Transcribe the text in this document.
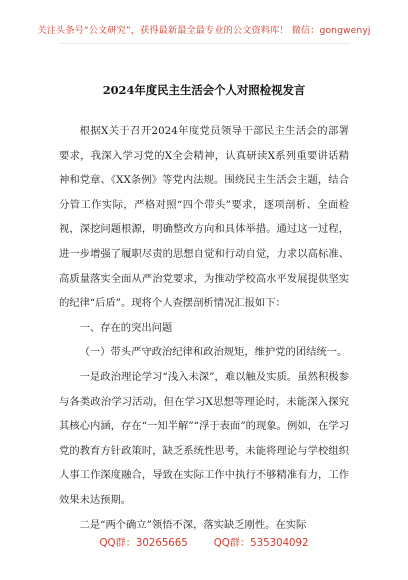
关注头条号“公文研究”，获得最新最全最专业的公文资料库！ 微信：gongwenyj
2024年度民主生活会个人对照检视发言

根据X关于召开2024年度党员领导干部民主生活会的部署要求，我深入学习党的X全会精神，认真研读X系列重要讲话精神和党章、《XX条例》等党内法规。围绕民主生活会主题，结合分管工作实际，严格对照“四个带头”要求，逐项剖析、全面检视，深挖问题根源，明确整改方向和具体举措。通过这一过程，进一步增强了履职尽责的思想自觉和行动自觉，力求以高标准、高质量落实全面从严治党要求，为推动学校高水平发展提供坚实的纪律“后盾”。现将个人查摆剖析情况汇报如下：

一、存在的突出问题

（一）带头严守政治纪律和政治规矩，维护党的团结统一。

一是政治理论学习“浅入未深”，难以触及实质。虽然积极参与各类政治学习活动，但在学习X思想等理论时，未能深入探究其核心内涵，存在“一知半解”“浮于表面”的现象。例如，在学习党的教育方针政策时，缺乏系统性思考，未能将理论与学校组织人事工作深度融合，导致在实际工作中执行不够精准有力，工作效果未达预期。

二是“两个确立”领悟不深，落实缺乏刚性。在实际

QQ群：30265665	QQ群：535304092
